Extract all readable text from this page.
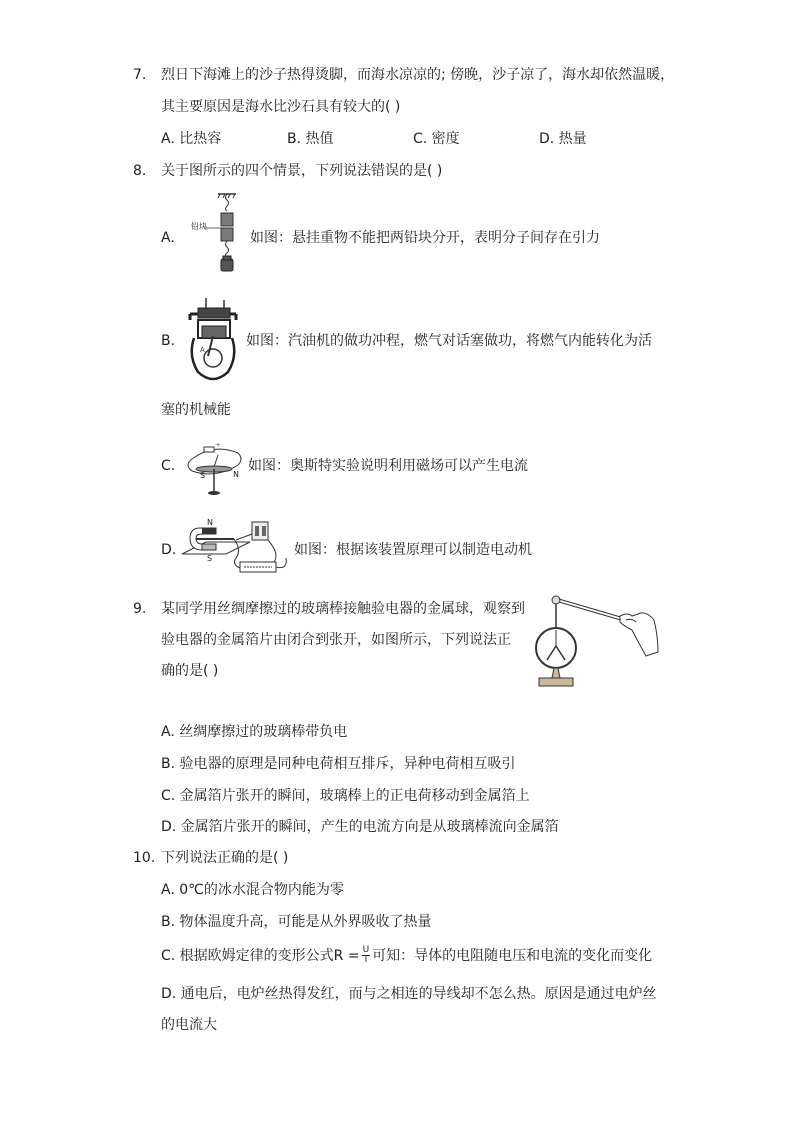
7. 烈日下海滩上的沙子热得烫脚，而海水凉凉的; 傍晚，沙子凉了，海水却依然温暖，
其主要原因是海水比沙石具有较大的( )
A. 比热容	B. 热值	C. 密度	D. 热量
8. 关于图所示的四个情景，下列说法错误的是( )
A.
铅块
如图：悬挂重物不能把两铅块分开，表明分子间存在引力
B.
A
如图：汽油机的做功冲程，燃气对话塞做功，将燃气内能转化为活
塞的机械能
C.
+
S	N
如图：奥斯特实验说明利用磁场可以产生电流
D.
N
S
如图：根据该装置原理可以制造电动机
9. 某同学用丝绸摩擦过的玻璃棒接触验电器的金属球，观察到
验电器的金属箔片由闭合到张开，如图所示，下列说法正
确的是( )
A. 丝绸摩擦过的玻璃棒带负电
B. 验电器的原理是同种电荷相互排斥，异种电荷相互吸引
C. 金属箔片张开的瞬间，玻璃棒上的正电荷移动到金属箔上
D. 金属箔片张开的瞬间，产生的电流方向是从玻璃棒流向金属箔
10. 下列说法正确的是( )
A. 0℃的冰水混合物内能为零
B. 物体温度升高，可能是从外界吸收了热量
C. 根据欧姆定律的变形公式$R = \frac{U}{I}$ 可知：导体的电阻随电压和电流的变化而变化
D. 通电后，电炉丝热得发红，而与之相连的导线却不怎么热。原因是通过电炉丝
的电流大
